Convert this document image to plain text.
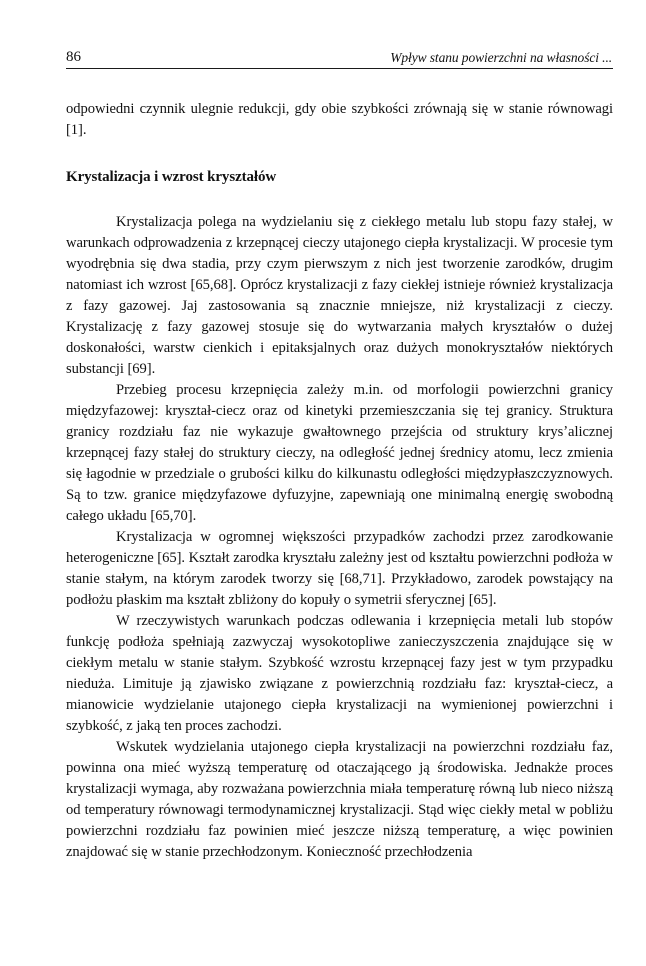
86	Wpływ stanu powierzchni na własności ...

odpowiedni czynnik ulegnie redukcji, gdy obie szybkości zrównają się w stanie równowagi [1].

Krystalizacja i wzrost kryształów

Krystalizacja polega na wydzielaniu się z ciekłego metalu lub stopu fazy stałej, w warunkach odprowadzenia z krzepnącej cieczy utajonego ciepła krystalizacji. W procesie tym wyodrębnia się dwa stadia, przy czym pierwszym z nich jest tworzenie zarodków, drugim natomiast ich wzrost [65,68]. Oprócz krystalizacji z fazy ciekłej istnieje również krystalizacja z fazy gazowej. Jaj zastosowania są znacznie mniejsze, niż krystalizacji z cieczy. Krystalizację z fazy gazowej stosuje się do wytwarzania małych kryształów o dużej doskonałości, warstw cienkich i epitaksjalnych oraz dużych monokryształów niektórych substancji [69].

Przebieg procesu krzepnięcia zależy m.in. od morfologii powierzchni granicy międzyfazowej: kryształ-ciecz oraz od kinetyki przemieszczania się tej granicy. Struktura granicy rozdziału faz nie wykazuje gwałtownego przejścia od struktury krysʼalicznej krzepnącej fazy stałej do struktury cieczy, na odległość jednej średnicy atomu, lecz zmienia się łagodnie w przedziale o grubości kilku do kilkunastu odległości międzypłaszczyznowych. Są to tzw. granice międzyfazowe dyfuzyjne, zapewniają one minimalną energię swobodną całego układu [65,70].

Krystalizacja w ogromnej większości przypadków zachodzi przez zarodkowanie heterogeniczne [65]. Kształt zarodka kryształu zależny jest od kształtu powierzchni podłoża w stanie stałym, na którym zarodek tworzy się [68,71]. Przykładowo, zarodek powstający na podłożu płaskim ma kształt zbliżony do kopuły o symetrii sferycznej [65].

W rzeczywistych warunkach podczas odlewania i krzepnięcia metali lub stopów funkcję podłoża spełniają zazwyczaj wysokotopliwe zanieczyszczenia znajdujące się w ciekłym metalu w stanie stałym. Szybkość wzrostu krzepnącej fazy jest w tym przypadku nieduża. Limituje ją zjawisko związane z powierzchnią rozdziału faz: kryształ-ciecz, a mianowicie wydzielanie utajonego ciepła krystalizacji na wymienionej powierzchni i szybkość, z jaką ten proces zachodzi.

Wskutek wydzielania utajonego ciepła krystalizacji na powierzchni rozdziału faz, powinna ona mieć wyższą temperaturę od otaczającego ją środowiska. Jednakże proces krystalizacji wymaga, aby rozważana powierzchnia miała temperaturę równą lub nieco niższą od temperatury równowagi termodynamicznej krystalizacji. Stąd więc ciekły metal w pobliżu powierzchni rozdziału faz powinien mieć jeszcze niższą temperaturę, a więc powinien znajdować się w stanie przechłodzonym. Konieczność przechłodzenia
